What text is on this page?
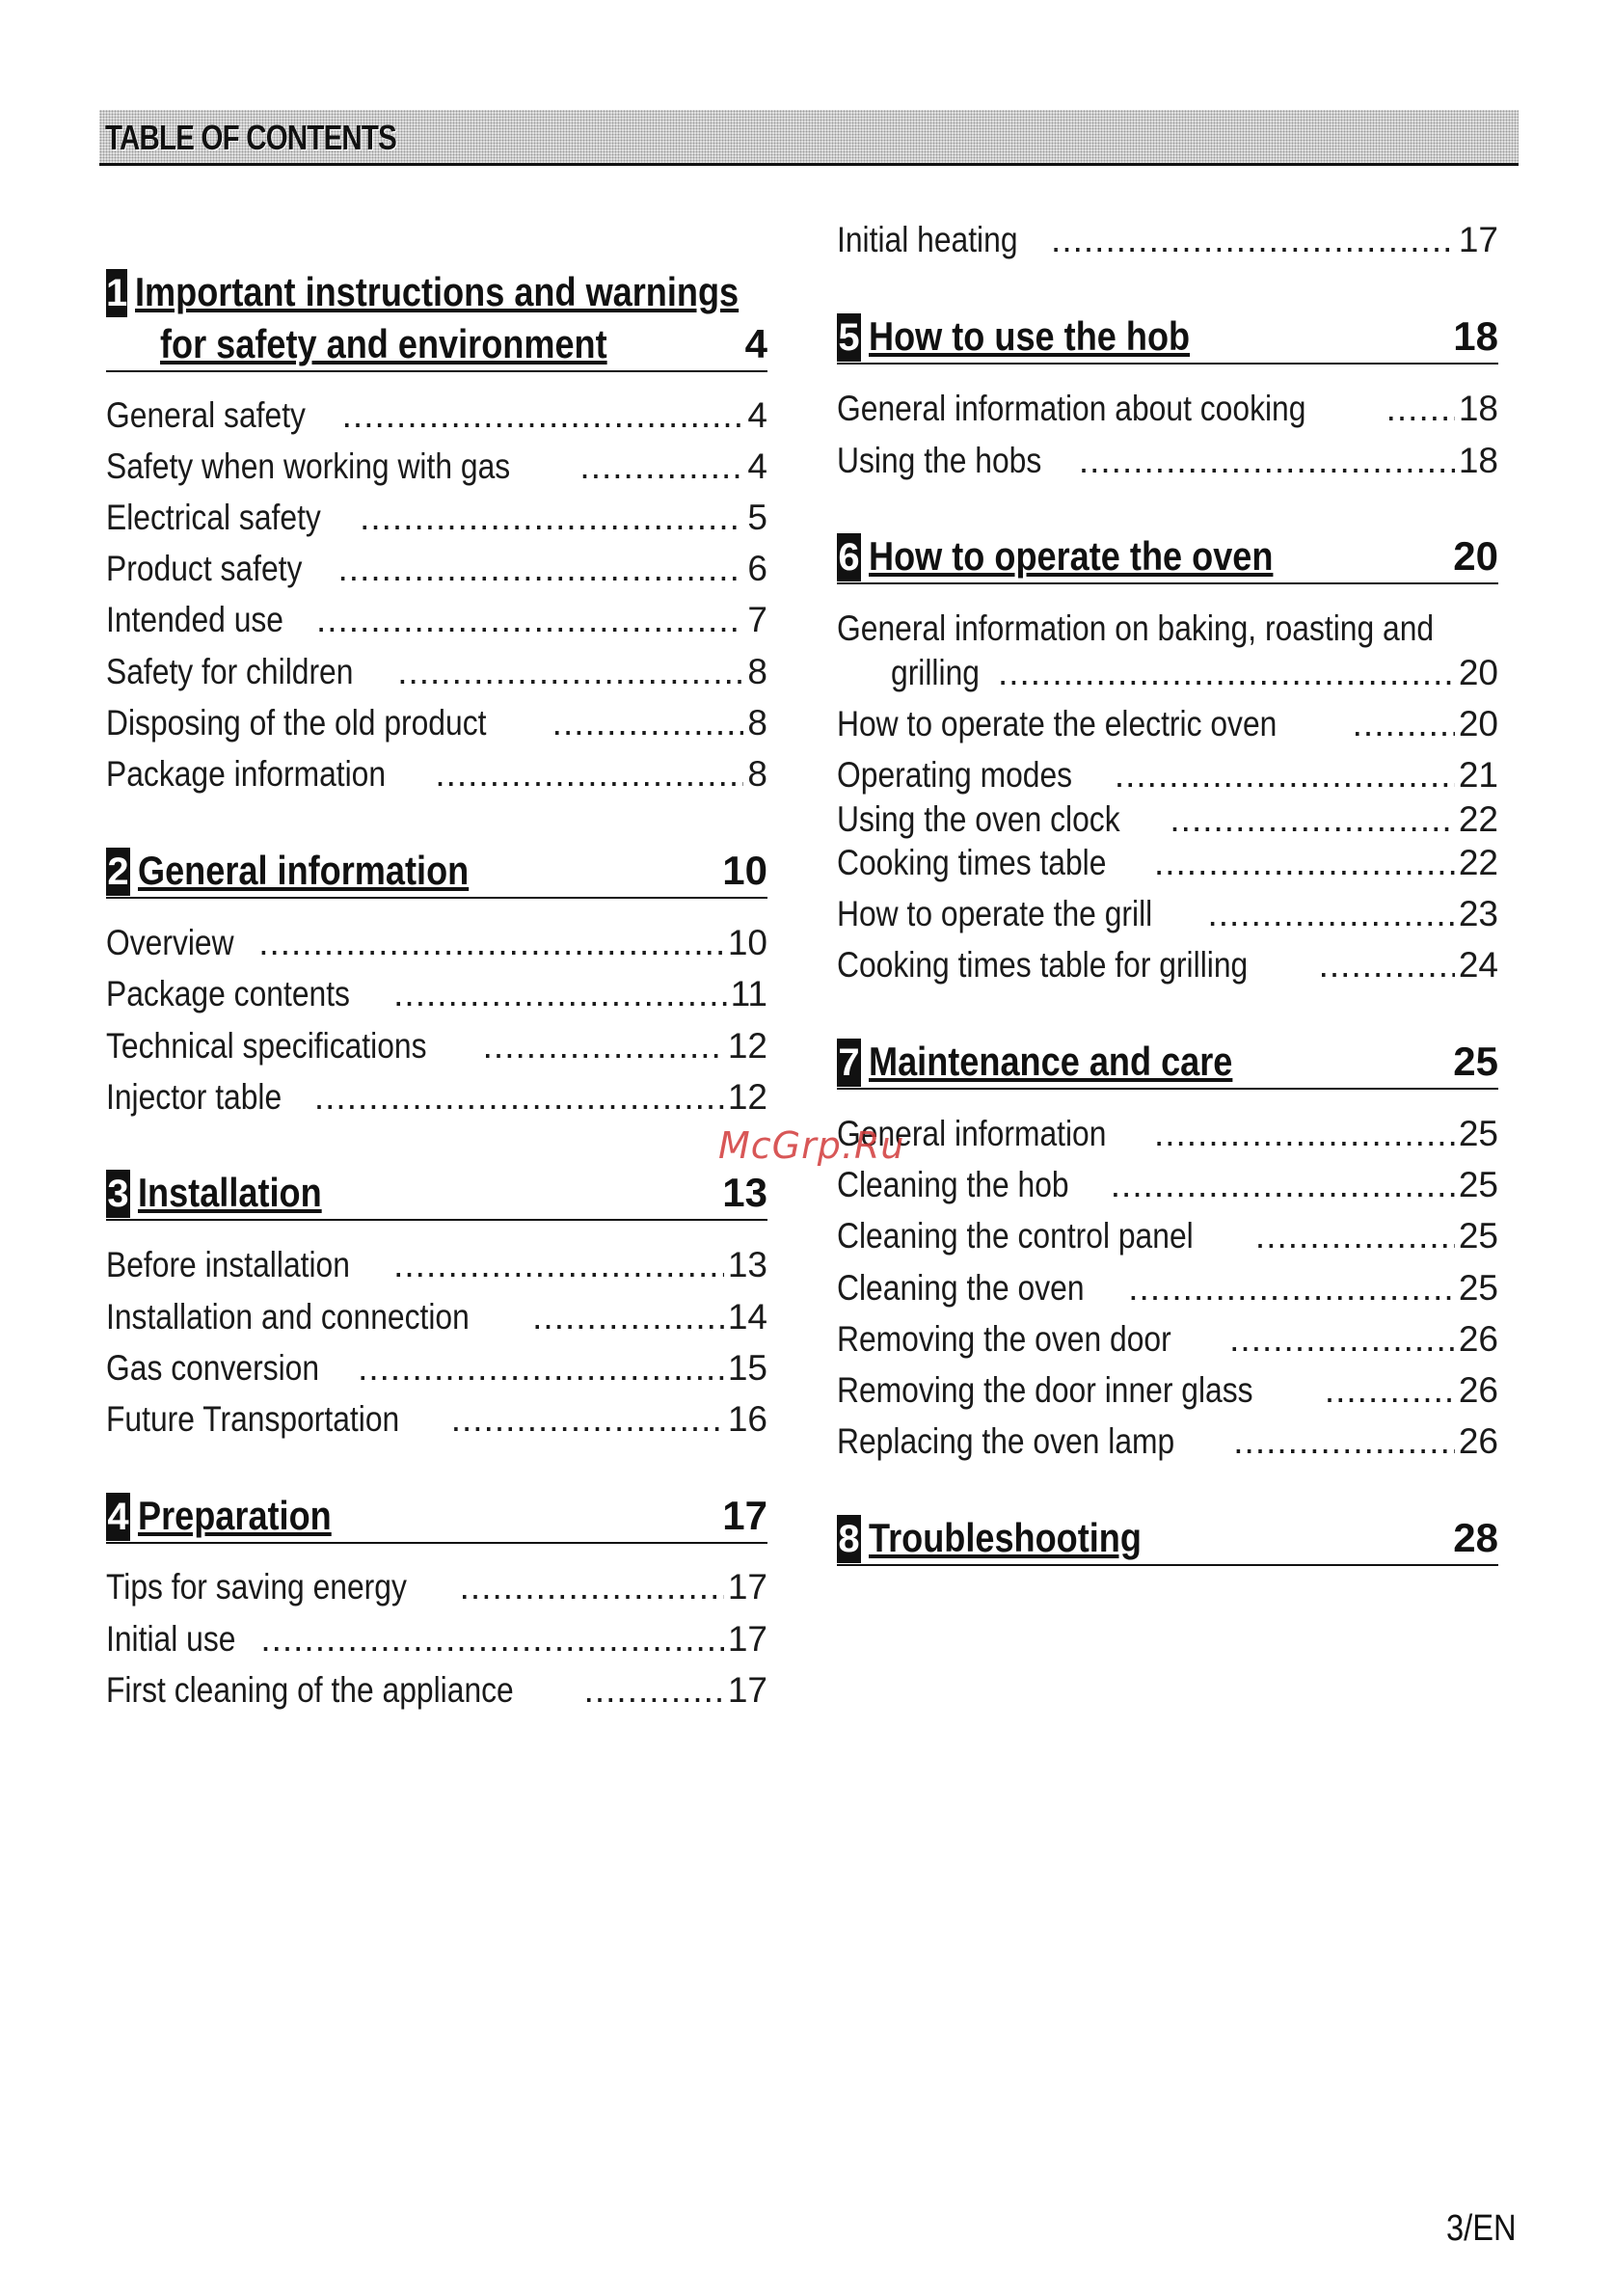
TABLE OF CONTENTS
1 Important instructions and warnings
for safety and environment	4
General safety .....	4
Safety when working with gas .....	4
Electrical safety .....	5
Product safety .....	6
Intended use .....	7
Safety for children .....	8
Disposing of the old product .....	8
Package information .....	8
2 General information	10
Overview .....	10
Package contents .....	11
Technical specifications .....	12
Injector table .....	12
3 Installation	13
Before installation .....	13
Installation and connection .....	14
Gas conversion .....	15
Future Transportation .....	16
4 Preparation	17
Tips for saving energy .....	17
Initial use .....	17
First cleaning of the appliance .....	17
Initial heating .....	17
5 How to use the hob	18
General information about cooking .....	18
Using the hobs .....	18
6 How to operate the oven	20
General information on baking, roasting and
grilling .....	20
How to operate the electric oven .....	20
Operating modes .....	21
Using the oven clock .....	22
Cooking times table .....	22
How to operate the grill .....	23
Cooking times table for grilling .....	24
7 Maintenance and care	25
General information .....	25
Cleaning the hob .....	25
Cleaning the control panel .....	25
Cleaning the oven .....	25
Removing the oven door .....	26
Removing the door inner glass .....	26
Replacing the oven lamp .....	26
8 Troubleshooting	28
McGrp.Ru
3/EN
